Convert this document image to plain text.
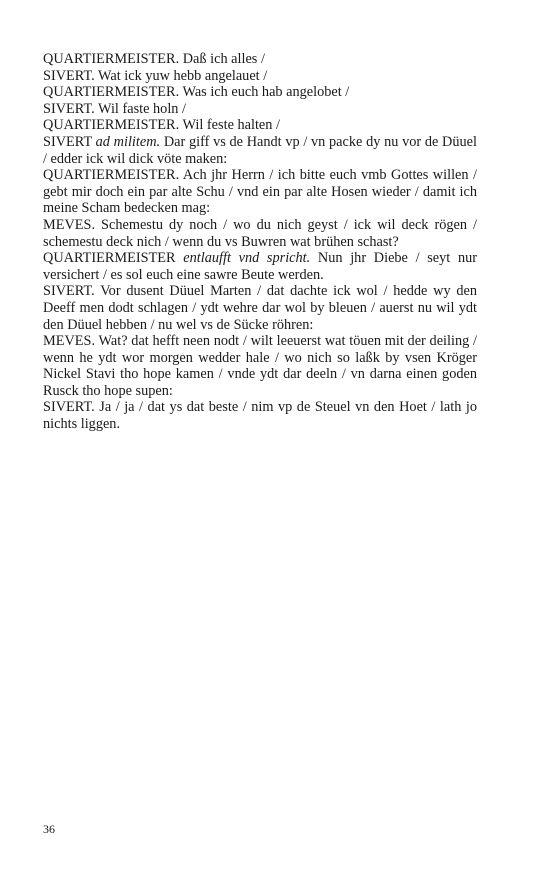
QUARTIERMEISTER. Daß ich alles /

SIVERT. Wat ick yuw hebb angelauet /

QUARTIERMEISTER. Was ich euch hab angelobet /

SIVERT. Wil faste holn /

QUARTIERMEISTER. Wil feste halten /

SIVERT ad militem. Dar giff vs de Handt vp / vn packe dy nu vor de Düuel / edder ick wil dick vöte maken:

QUARTIERMEISTER. Ach jhr Herrn / ich bitte euch vmb Gottes willen / gebt mir doch ein par alte Schu / vnd ein par alte Hosen wieder / damit ich meine Scham bedecken mag:

MEVES. Schemestu dy noch / wo du nich geyst / ick wil deck rögen / schemestu deck nich / wenn du vs Buwren wat brühen schast?

QUARTIERMEISTER entlaufft vnd spricht. Nun jhr Diebe / seyt nur versichert / es sol euch eine sawre Beute werden.

SIVERT. Vor dusent Düuel Marten / dat dachte ick wol / hedde wy den Deeff men dodt schlagen / ydt wehre dar wol by bleuen / auerst nu wil ydt den Düuel hebben / nu wel vs de Sücke röhren:

MEVES. Wat? dat hefft neen nodt / wilt leeuerst wat töuen mit der deiling / wenn he ydt wor morgen wedder hale / wo nich so laßk by vsen Kröger Nickel Stavi tho hope kamen / vnde ydt dar deeln / vn darna einen goden Rusck tho hope supen:

SIVERT. Ja / ja / dat ys dat beste / nim vp de Steuel vn den Hoet / lath jo nichts liggen.

36
